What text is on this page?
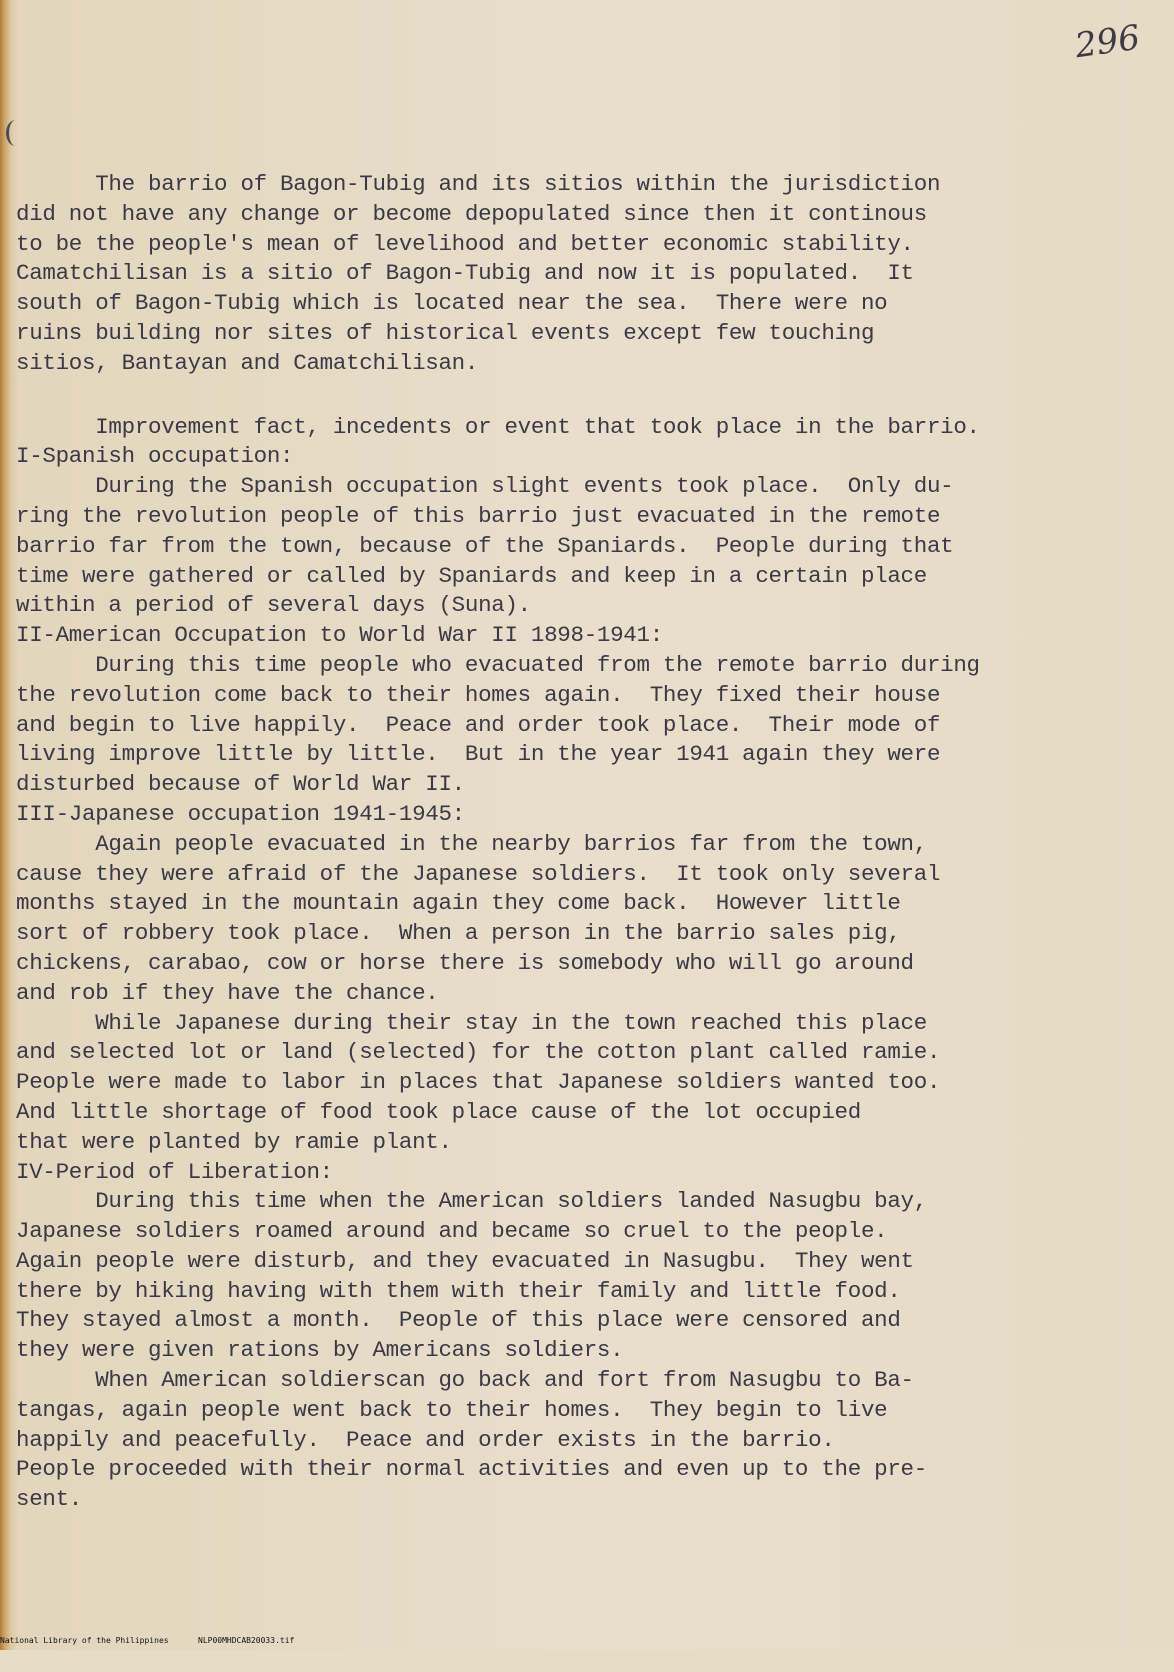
296
The barrio of Bagon-Tubig and its sitios within the jurisdiction
did not have any change or become depopulated since then it continous
to be the people's mean of levelihood and better economic stability.
Camatchilisan is a sitio of Bagon-Tubig and now it is populated.  It
south of Bagon-Tubig which is located near the sea.  There were no
ruins building nor sites of historical events except few touching
sitios, Bantayan and Camatchilisan.
Improvement fact, incedents or event that took place in the barrio.
I-Spanish occupation:
During the Spanish occupation slight events took place.  Only du-
ring the revolution people of this barrio just evacuated in the remote
barrio far from the town, because of the Spaniards.  People during that
time were gathered or called by Spaniards and keep in a certain place
within a period of several days (Suna).
II-American Occupation to World War II 1898-1941:
During this time people who evacuated from the remote barrio during
the revolution come back to their homes again.  They fixed their house
and begin to live happily.  Peace and order took place.  Their mode of
living improve little by little.  But in the year 1941 again they were
disturbed because of World War II.
III-Japanese occupation 1941-1945:
Again people evacuated in the nearby barrios far from the town,
cause they were afraid of the Japanese soldiers.  It took only several
months stayed in the mountain again they come back.  However little
sort of robbery took place.  When a person in the barrio sales pig,
chickens, carabao, cow or horse there is somebody who will go around
and rob if they have the chance.
While Japanese during their stay in the town reached this place
and selected lot or land (selected) for the cotton plant called ramie.
People were made to labor in places that Japanese soldiers wanted too.
And little shortage of food took place cause of the lot occupied
that were planted by ramie plant.
IV-Period of Liberation:
During this time when the American soldiers landed Nasugbu bay,
Japanese soldiers roamed around and became so cruel to the people.
Again people were disturb, and they evacuated in Nasugbu.  They went
there by hiking having with them with their family and little food.
They stayed almost a month.  People of this place were censored and
they were given rations by Americans soldiers.
When American soldierscan go back and fort from Nasugbu to Ba-
tangas, again people went back to their homes.  They begin to live
happily and peacefully.  Peace and order exists in the barrio.
People proceeded with their normal activities and even up to the pre-
sent.

National Library of the Philippines

	NLP00MHDCAB20033.tif
